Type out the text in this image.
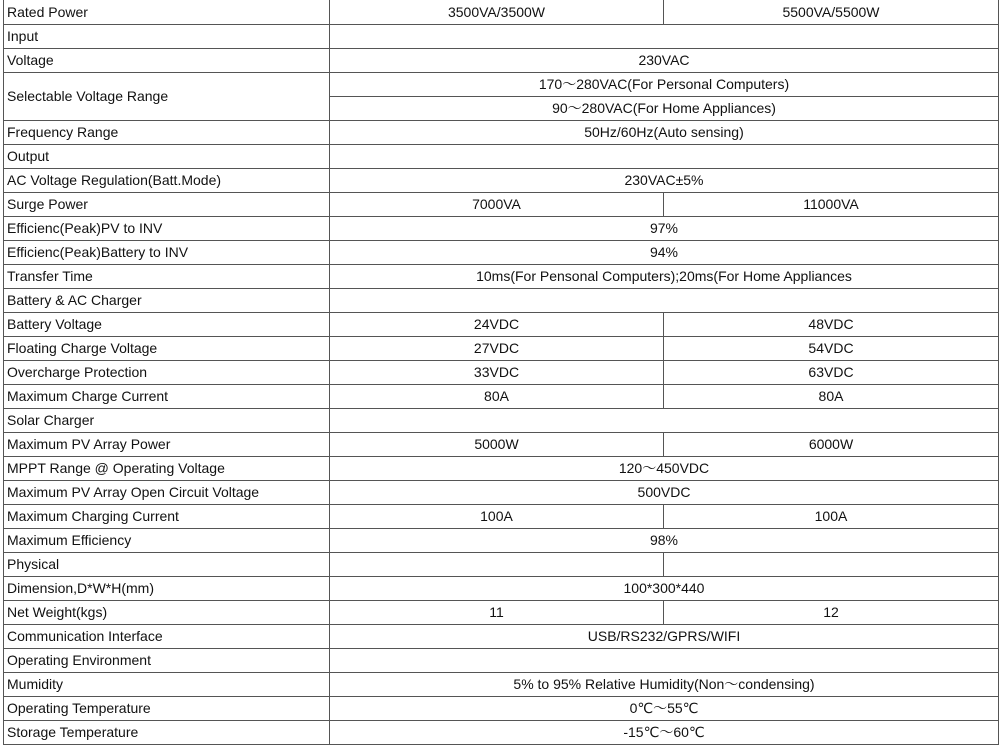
Rated Power	3500VA/3500W	5500VA/5500W
Input		
Voltage	230VAC	
Selectable Voltage Range	170～280VAC(For Personal Computers)	
	90～280VAC(For Home Appliances)	
Frequency Range	50Hz/60Hz(Auto sensing)	
Output		
AC Voltage Regulation(Batt.Mode)	230VAC±5%	
Surge Power	7000VA	11000VA
Efficienc(Peak)PV to INV	97%	
Efficienc(Peak)Battery to INV	94%	
Transfer Time	10ms(For Pensonal Computers);20ms(For Home Appliances	
Battery & AC Charger		
Battery Voltage	24VDC	48VDC
Floating Charge Voltage	27VDC	54VDC
Overcharge Protection	33VDC	63VDC
Maximum Charge Current	80A	80A
Solar Charger		
Maximum PV Array Power	5000W	6000W
MPPT Range @ Operating Voltage	120～450VDC	
Maximum PV Array Open Circuit Voltage	500VDC	
Maximum Charging Current	100A	100A
Maximum Efficiency	98%	
Physical		
Dimension,D*W*H(mm)	100*300*440	
Net Weight(kgs)	11	12
Communication Interface	USB/RS232/GPRS/WIFI	
Operating Environment		
Mumidity	5% to 95% Relative Humidity(Non～condensing)	
Operating Temperature	0℃～55℃	
Storage Temperature	-15℃～60℃	
